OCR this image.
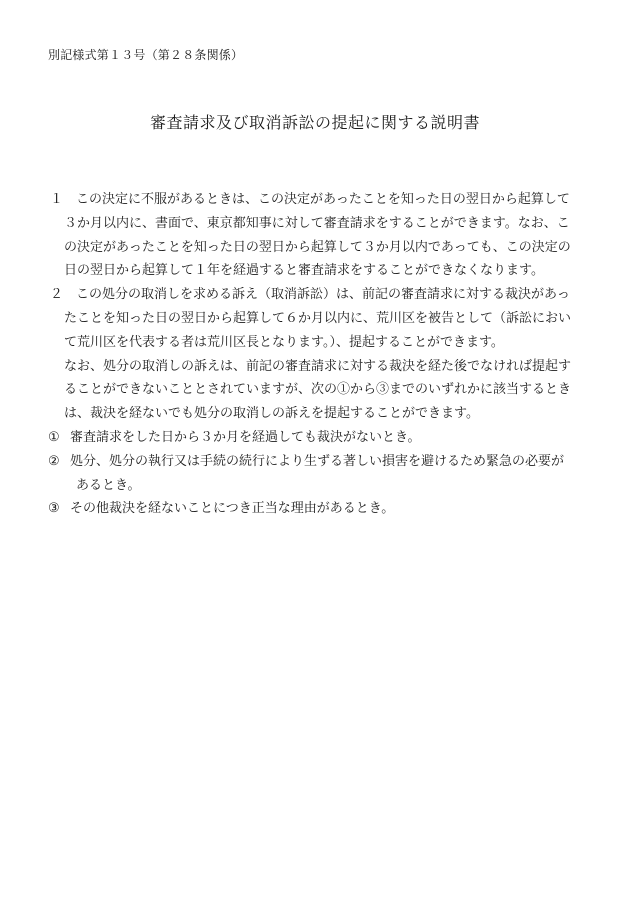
別記様式第１３号（第２８条関係）
審査請求及び取消訴訟の提起に関する説明書
１ この決定に不服があるときは、この決定があったことを知った日の翌日から起算して
３か月以内に、書面で、東京都知事に対して審査請求をすることができます。なお、こ
の決定があったことを知った日の翌日から起算して３か月以内であっても、この決定の
日の翌日から起算して１年を経過すると審査請求をすることができなくなります。
２ この処分の取消しを求める訴え（取消訴訟）は、前記の審査請求に対する裁決があっ
たことを知った日の翌日から起算して６か月以内に、荒川区を被告として（訴訟におい
て荒川区を代表する者は荒川区長となります。）、提起することができます。
なお、処分の取消しの訴えは、前記の審査請求に対する裁決を経た後でなければ提起す
ることができないこととされていますが、次の①から③までのいずれかに該当するとき
は、裁決を経ないでも処分の取消しの訴えを提起することができます。
① 審査請求をした日から３か月を経過しても裁決がないとき。
② 処分、処分の執行又は手続の続行により生ずる著しい損害を避けるため緊急の必要が
あるとき。
③ その他裁決を経ないことにつき正当な理由があるとき。
